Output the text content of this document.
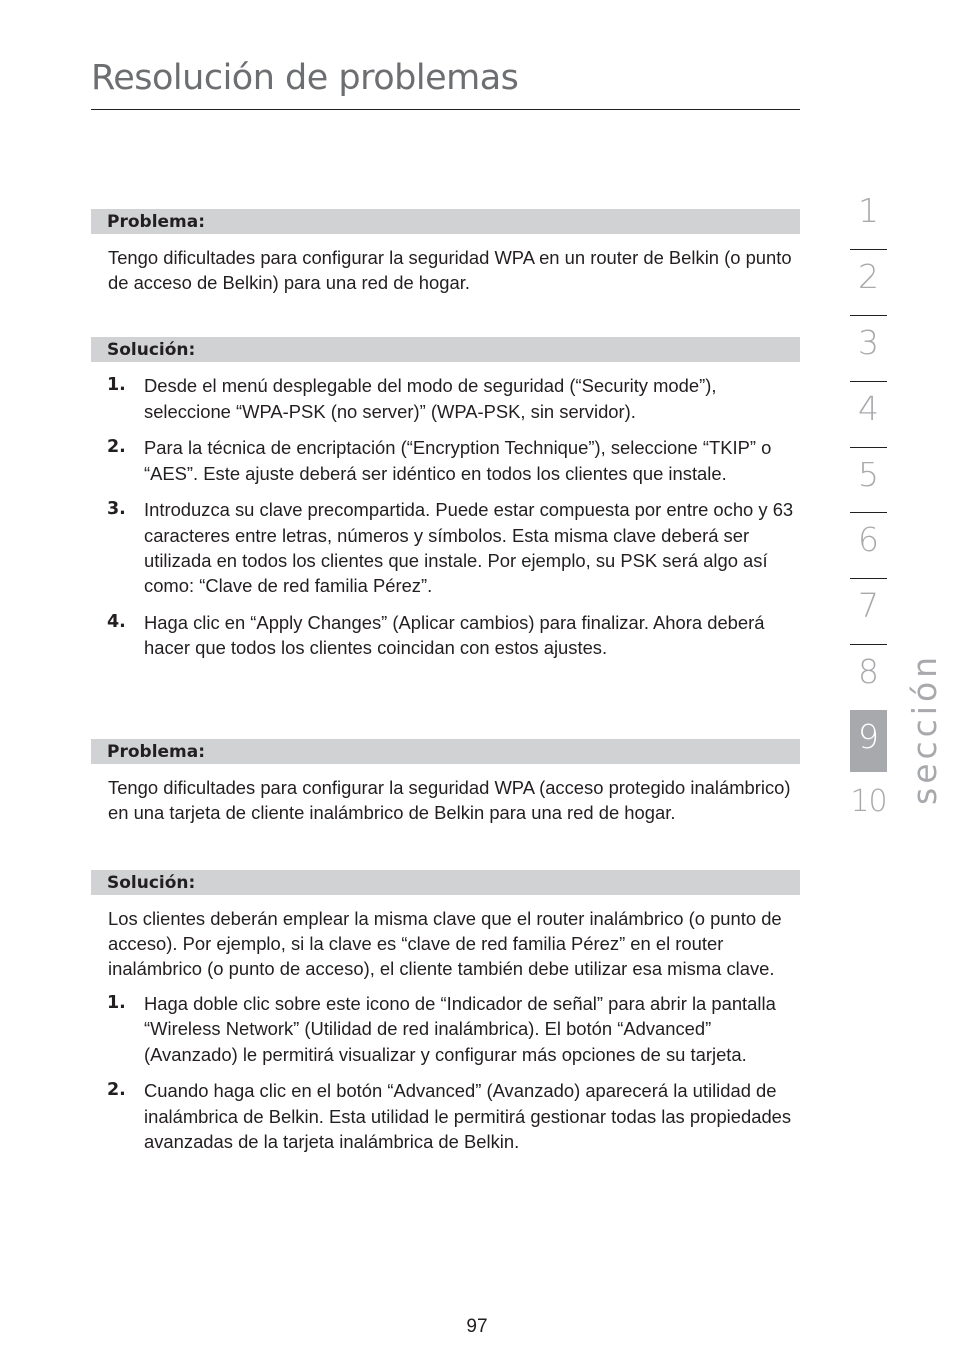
Resolución de problemas
Problema:

Tengo dificultades para configurar la seguridad WPA en un router de Belkin (o punto de acceso de Belkin) para una red de hogar.

Solución:
1. Desde el menú desplegable del modo de seguridad (“Security mode”), seleccione “WPA-PSK (no server)” (WPA-PSK, sin servidor).
2. Para la técnica de encriptación (“Encryption Technique”), seleccione “TKIP” o “AES”. Este ajuste deberá ser idéntico en todos los clientes que instale.
3. Introduzca su clave precompartida. Puede estar compuesta por entre ocho y 63 caracteres entre letras, números y símbolos. Esta misma clave deberá ser utilizada en todos los clientes que instale. Por ejemplo, su PSK será algo así como: “Clave de red familia Pérez”.
4. Haga clic en “Apply Changes” (Aplicar cambios) para finalizar. Ahora deberá hacer que todos los clientes coincidan con estos ajustes.
Problema:

Tengo dificultades para configurar la seguridad WPA (acceso protegido inalámbrico) en una tarjeta de cliente inalámbrico de Belkin para una red de hogar.

Solución:

Los clientes deberán emplear la misma clave que el router inalámbrico (o punto de acceso). Por ejemplo, si la clave es “clave de red familia Pérez” en el router inalámbrico (o punto de acceso), el cliente también debe utilizar esa misma clave.

1. Haga doble clic sobre este icono de “Indicador de señal” para abrir la pantalla “Wireless Network” (Utilidad de red inalámbrica). El botón “Advanced” (Avanzado) le permitirá visualizar y configurar más opciones de su tarjeta.
2. Cuando haga clic en el botón “Advanced” (Avanzado) aparecerá la utilidad de inalámbrica de Belkin. Esta utilidad le permitirá gestionar todas las propiedades avanzadas de la tarjeta inalámbrica de Belkin.
1
2
3
4
5
6
7
8
9
10 sección
97
